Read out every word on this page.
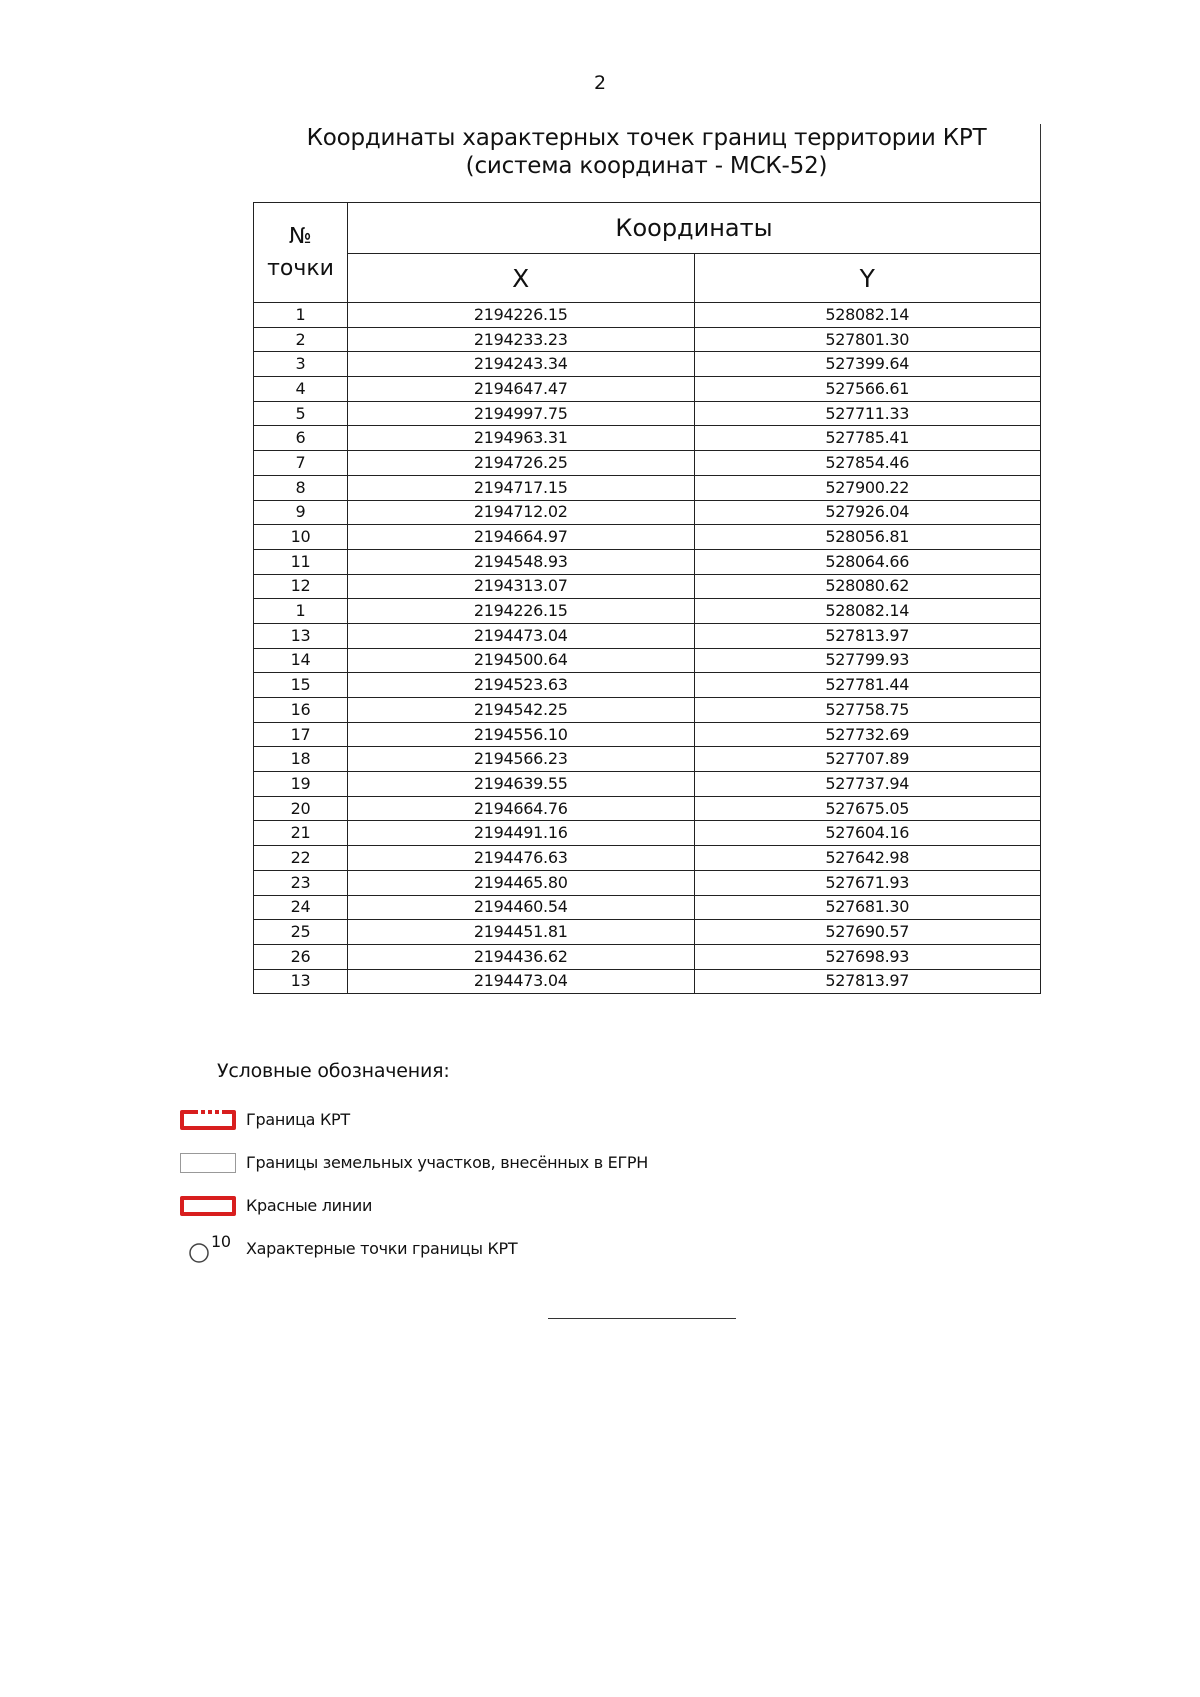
2
Координаты характерных точек границ территории КРТ
(система координат - МСК-52)
№ точки	Координаты	
	X	Y
1	2194226.15	528082.14
2	2194233.23	527801.30
3	2194243.34	527399.64
4	2194647.47	527566.61
5	2194997.75	527711.33
6	2194963.31	527785.41
7	2194726.25	527854.46
8	2194717.15	527900.22
9	2194712.02	527926.04
10	2194664.97	528056.81
11	2194548.93	528064.66
12	2194313.07	528080.62
1	2194226.15	528082.14
13	2194473.04	527813.97
14	2194500.64	527799.93
15	2194523.63	527781.44
16	2194542.25	527758.75
17	2194556.10	527732.69
18	2194566.23	527707.89
19	2194639.55	527737.94
20	2194664.76	527675.05
21	2194491.16	527604.16
22	2194476.63	527642.98
23	2194465.80	527671.93
24	2194460.54	527681.30
25	2194451.81	527690.57
26	2194436.62	527698.93
13	2194473.04	527813.97
Условные обозначения:
Граница КРТ
Границы земельных участков, внесённых в ЕГРН
Красные линии
10 Характерные точки границы КРТ
